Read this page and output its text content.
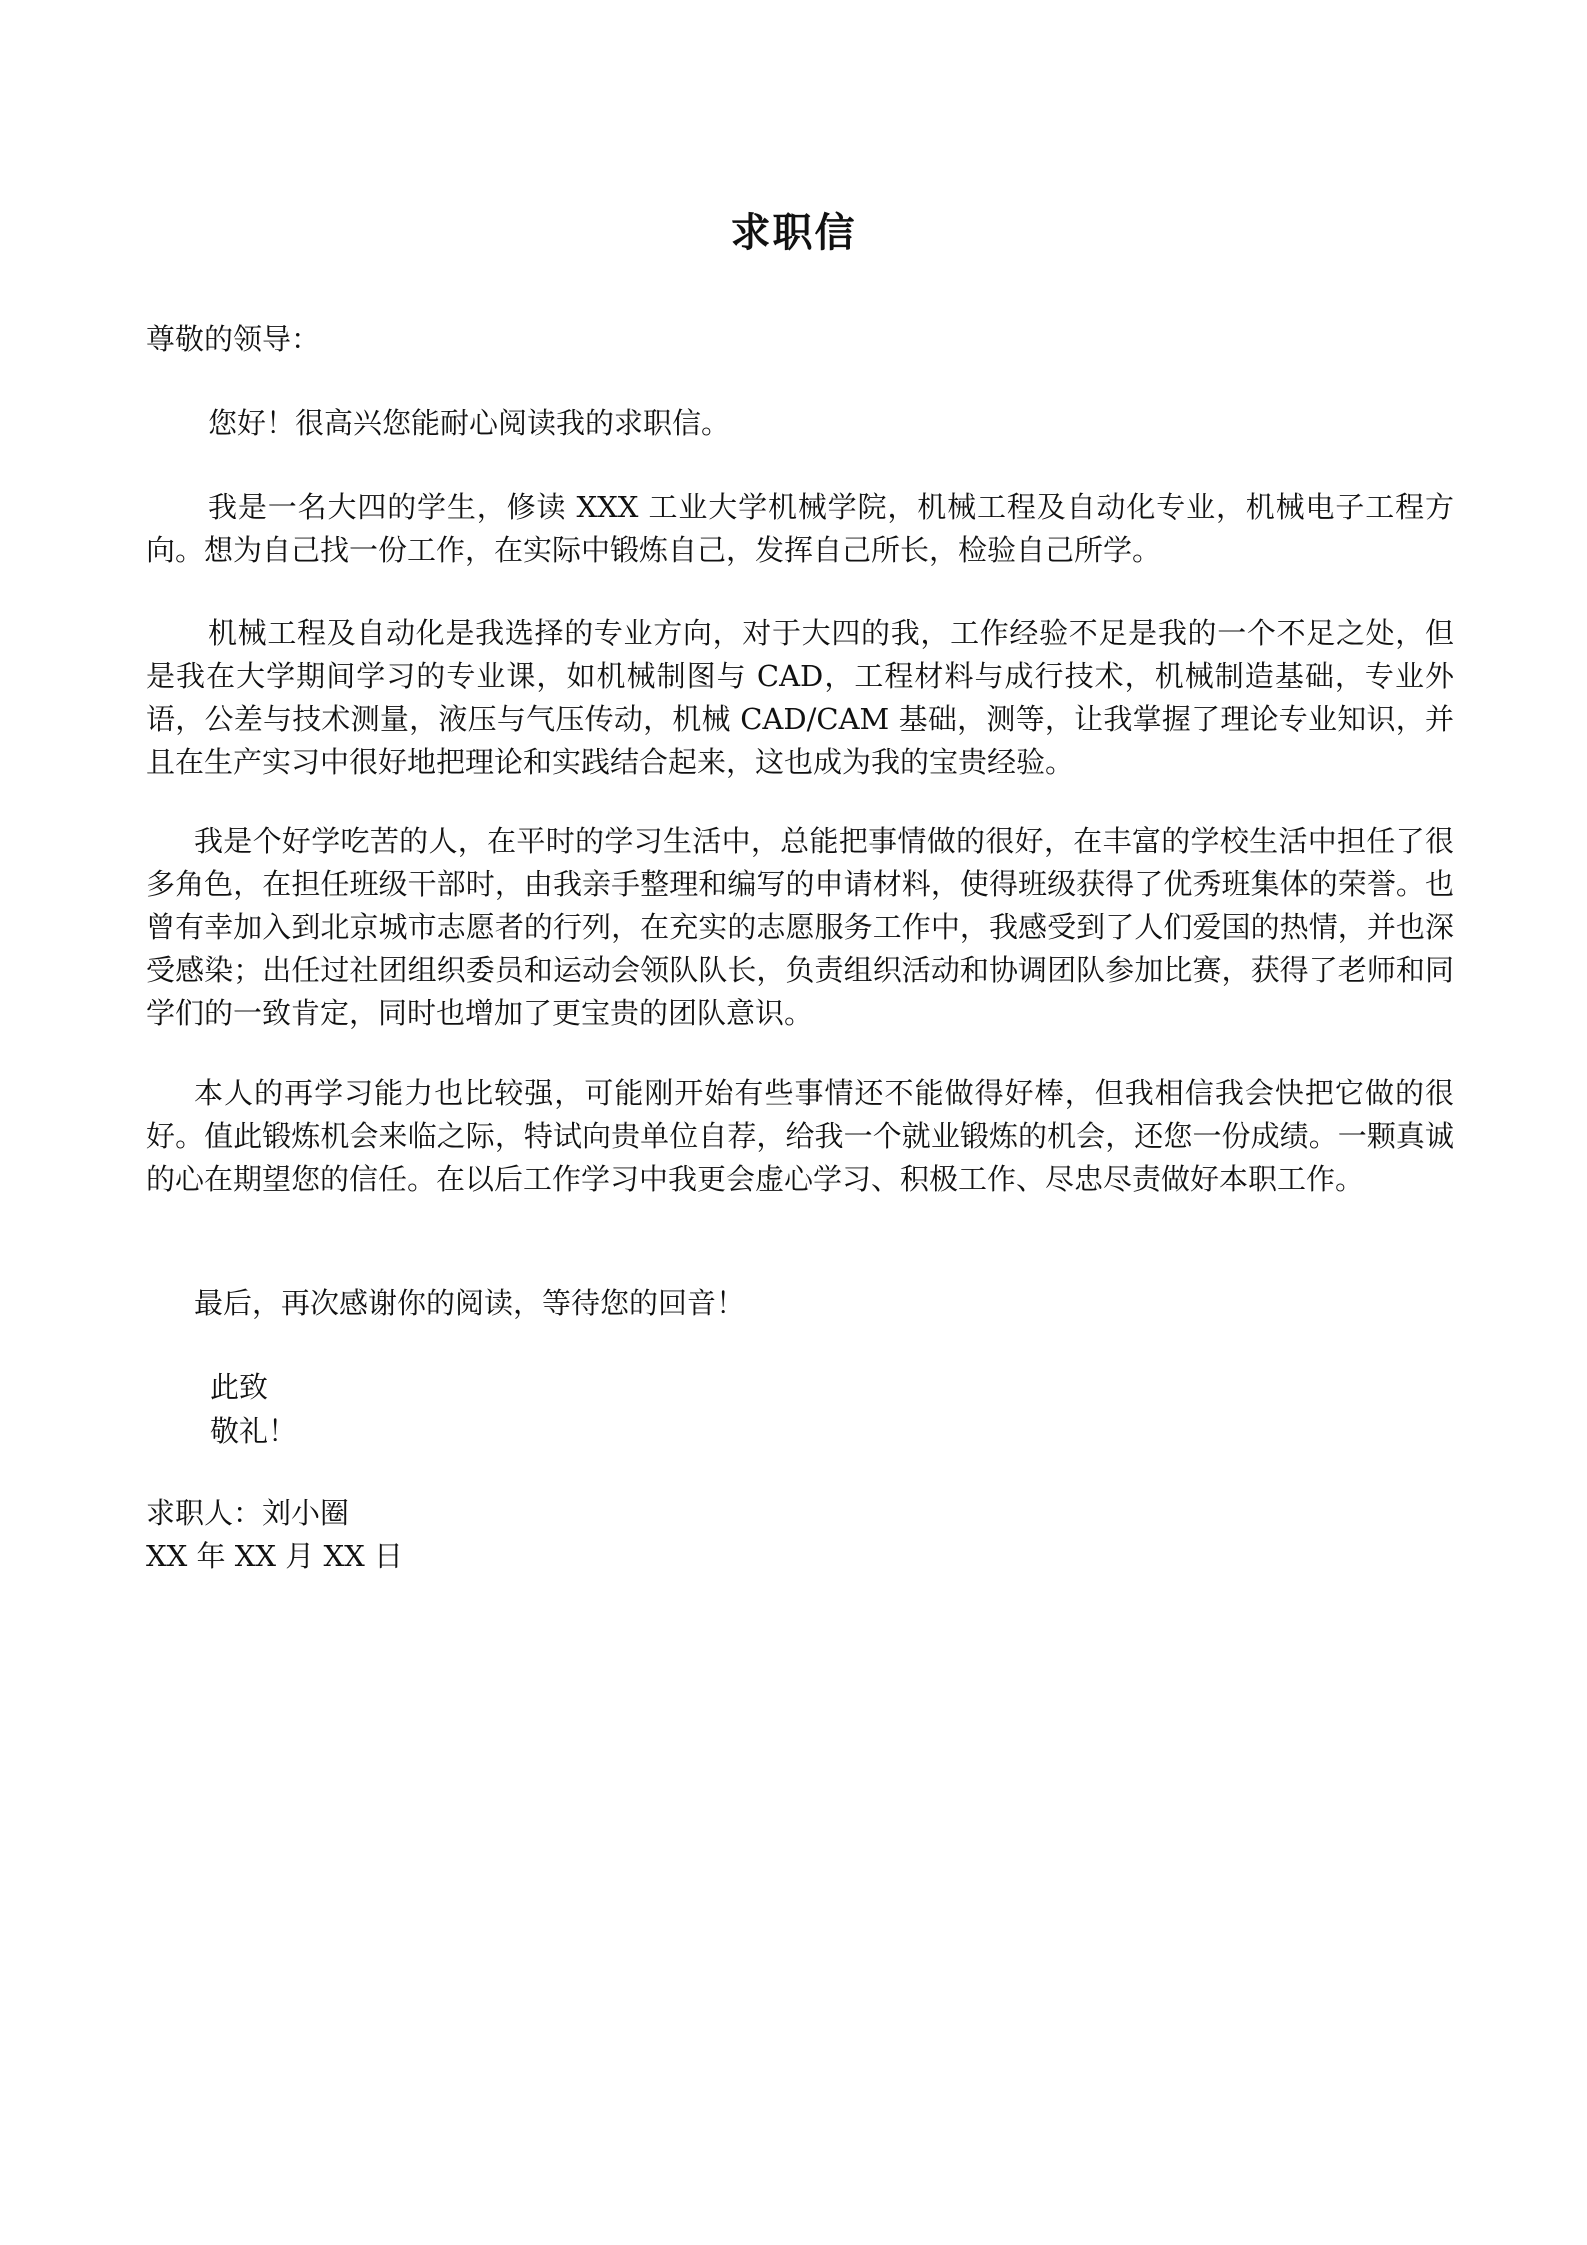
求职信

尊敬的领导：

您好！很高兴您能耐心阅读我的求职信。

我是一名大四的学生，修读 XXX 工业大学机械学院，机械工程及自动化专业，机械电子工程方向。想为自己找一份工作，在实际中锻炼自己，发挥自己所长，检验自己所学。

机械工程及自动化是我选择的专业方向，对于大四的我，工作经验不足是我的一个不足之处，但是我在大学期间学习的专业课，如机械制图与 CAD，工程材料与成行技术，机械制造基础，专业外语，公差与技术测量，液压与气压传动，机械 CAD/CAM 基础，测等，让我掌握了理论专业知识，并且在生产实习中很好地把理论和实践结合起来，这也成为我的宝贵经验。

我是个好学吃苦的人，在平时的学习生活中，总能把事情做的很好，在丰富的学校生活中担任了很多角色，在担任班级干部时，由我亲手整理和编写的申请材料，使得班级获得了优秀班集体的荣誉。也曾有幸加入到北京城市志愿者的行列，在充实的志愿服务工作中，我感受到了人们爱国的热情，并也深受感染；出任过社团组织委员和运动会领队队长，负责组织活动和协调团队参加比赛，获得了老师和同学们的一致肯定，同时也增加了更宝贵的团队意识。

本人的再学习能力也比较强，可能刚开始有些事情还不能做得好棒，但我相信我会快把它做的很好。值此锻炼机会来临之际，特试向贵单位自荐，给我一个就业锻炼的机会，还您一份成绩。一颗真诚的心在期望您的信任。在以后工作学习中我更会虚心学习、积极工作、尽忠尽责做好本职工作。

最后，再次感谢你的阅读，等待您的回音！

此致

敬礼！

求职人：刘小圈

XX 年 XX 月 XX 日
